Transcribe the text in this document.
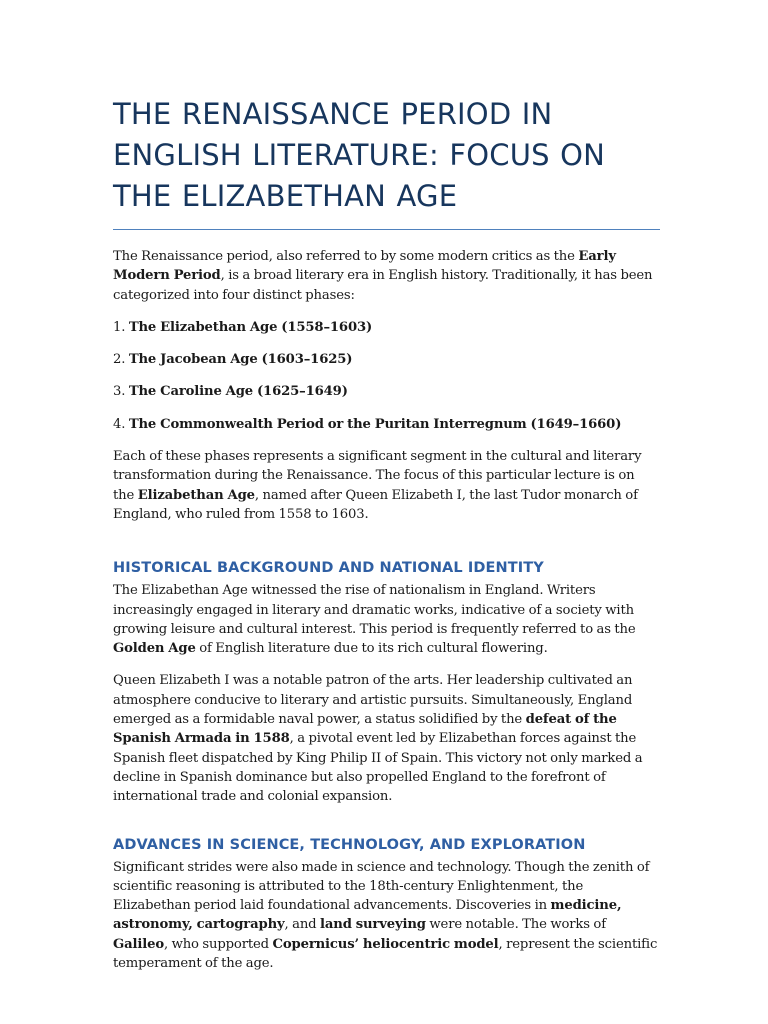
THE RENAISSANCE PERIOD IN ENGLISH LITERATURE: FOCUS ON THE ELIZABETHAN AGE

The Renaissance period, also referred to by some modern critics as the Early Modern Period, is a broad literary era in English history. Traditionally, it has been categorized into four distinct phases:

1. The Elizabethan Age (1558–1603)

2. The Jacobean Age (1603–1625)

3. The Caroline Age (1625–1649)

4. The Commonwealth Period or the Puritan Interregnum (1649–1660)

Each of these phases represents a significant segment in the cultural and literary transformation during the Renaissance. The focus of this particular lecture is on the Elizabethan Age, named after Queen Elizabeth I, the last Tudor monarch of England, who ruled from 1558 to 1603.

HISTORICAL BACKGROUND AND NATIONAL IDENTITY

The Elizabethan Age witnessed the rise of nationalism in England. Writers increasingly engaged in literary and dramatic works, indicative of a society with growing leisure and cultural interest. This period is frequently referred to as the Golden Age of English literature due to its rich cultural flowering.

Queen Elizabeth I was a notable patron of the arts. Her leadership cultivated an atmosphere conducive to literary and artistic pursuits. Simultaneously, England emerged as a formidable naval power, a status solidified by the defeat of the Spanish Armada in 1588, a pivotal event led by Elizabethan forces against the Spanish fleet dispatched by King Philip II of Spain. This victory not only marked a decline in Spanish dominance but also propelled England to the forefront of international trade and colonial expansion.

ADVANCES IN SCIENCE, TECHNOLOGY, AND EXPLORATION

Significant strides were also made in science and technology. Though the zenith of scientific reasoning is attributed to the 18th-century Enlightenment, the Elizabethan period laid foundational advancements. Discoveries in medicine, astronomy, cartography, and land surveying were notable. The works of Galileo, who supported Copernicus’ heliocentric model, represent the scientific temperament of the age.
